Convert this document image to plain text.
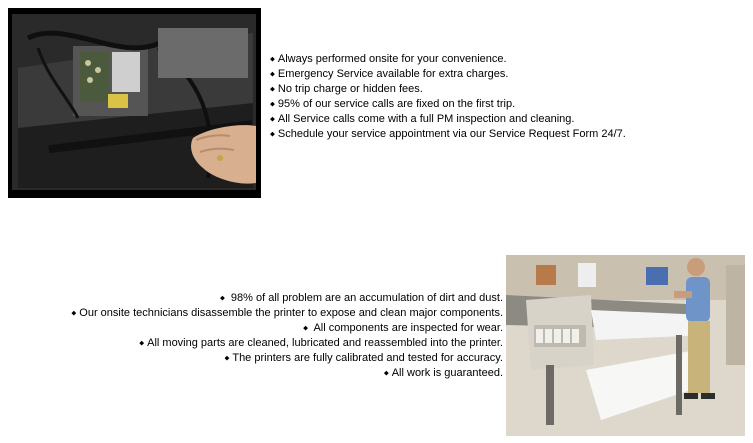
⬥ Always performed onsite for your convenience.
⬥ Emergency Service available for extra charges.
⬥ No trip charge or hidden fees.
⬥ 95% of our service calls are fixed on the first trip.
⬥ All Service calls come with a full PM inspection and cleaning.
⬥ Schedule your service appointment via our Service Request Form 24/7.
⬥ 98% of all problem are an accumulation of dirt and dust.
⬥ Our onsite technicians disassemble the printer to expose and clean major components.
⬥ All components are inspected for wear.
⬥ All moving parts are cleaned, lubricated and reassembled into the printer.
⬥ The printers are fully calibrated and tested for accuracy.
⬥ All work is guaranteed.
